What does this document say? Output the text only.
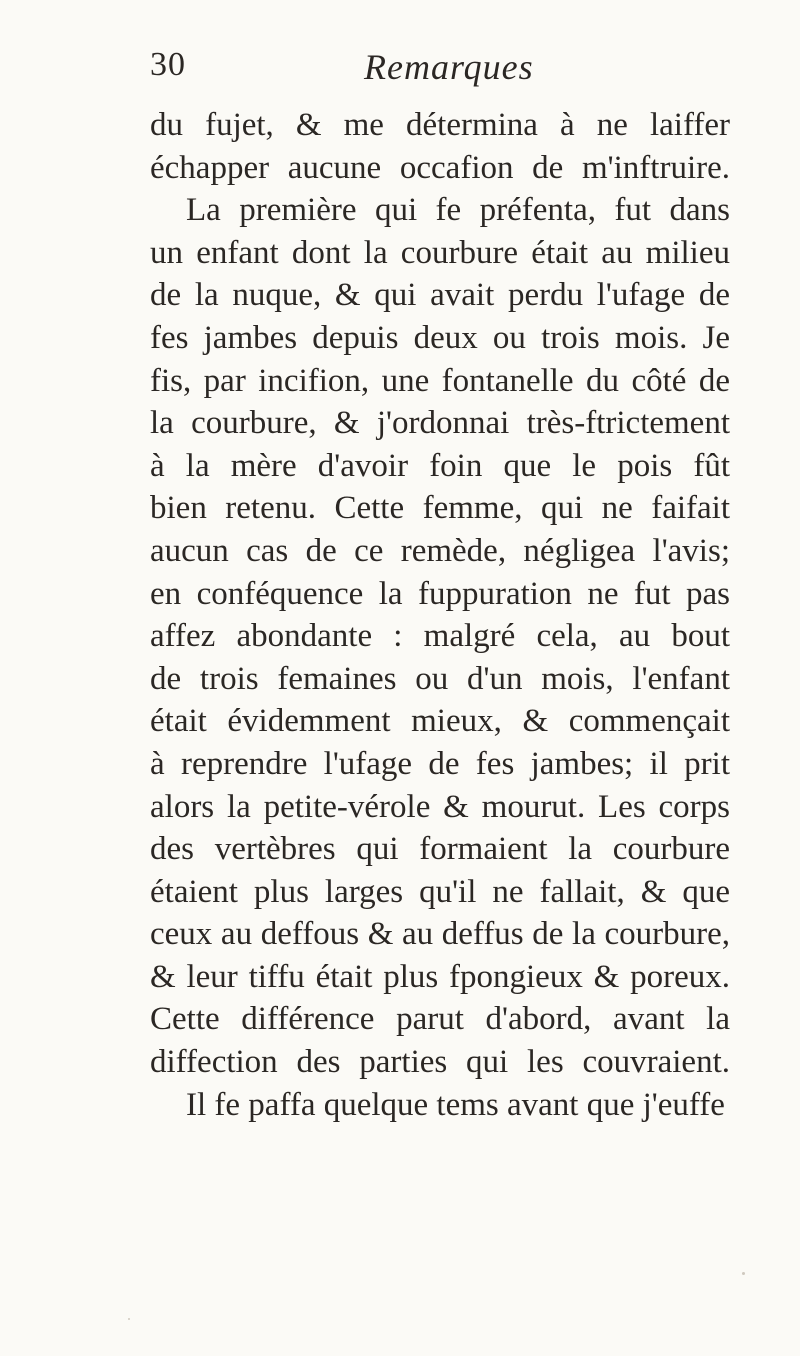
30	Remarques
du fujet, & me détermina à ne laiffer
échapper aucune occafion de m'inftruire.
La première qui fe préfenta, fut dans
un enfant dont la courbure était au milieu
de la nuque, & qui avait perdu l'ufage de
fes jambes depuis deux ou trois mois. Je
fis, par incifion, une fontanelle du côté de
la courbure, & j'ordonnai très-ftrictement
à la mère d'avoir foin que le pois fût
bien retenu. Cette femme, qui ne faifait
aucun cas de ce remède, négligea l'avis;
en conféquence la fuppuration ne fut pas
affez abondante : malgré cela, au bout
de trois femaines ou d'un mois, l'enfant
était évidemment mieux, & commençait
à reprendre l'ufage de fes jambes; il prit
alors la petite-vérole & mourut. Les corps
des vertèbres qui formaient la courbure
étaient plus larges qu'il ne fallait, & que
ceux au deffous & au deffus de la courbure,
& leur tiffu était plus fpongieux & poreux.
Cette différence parut d'abord, avant la
diffection des parties qui les couvraient.
Il fe paffa quelque tems avant que j'euffe
